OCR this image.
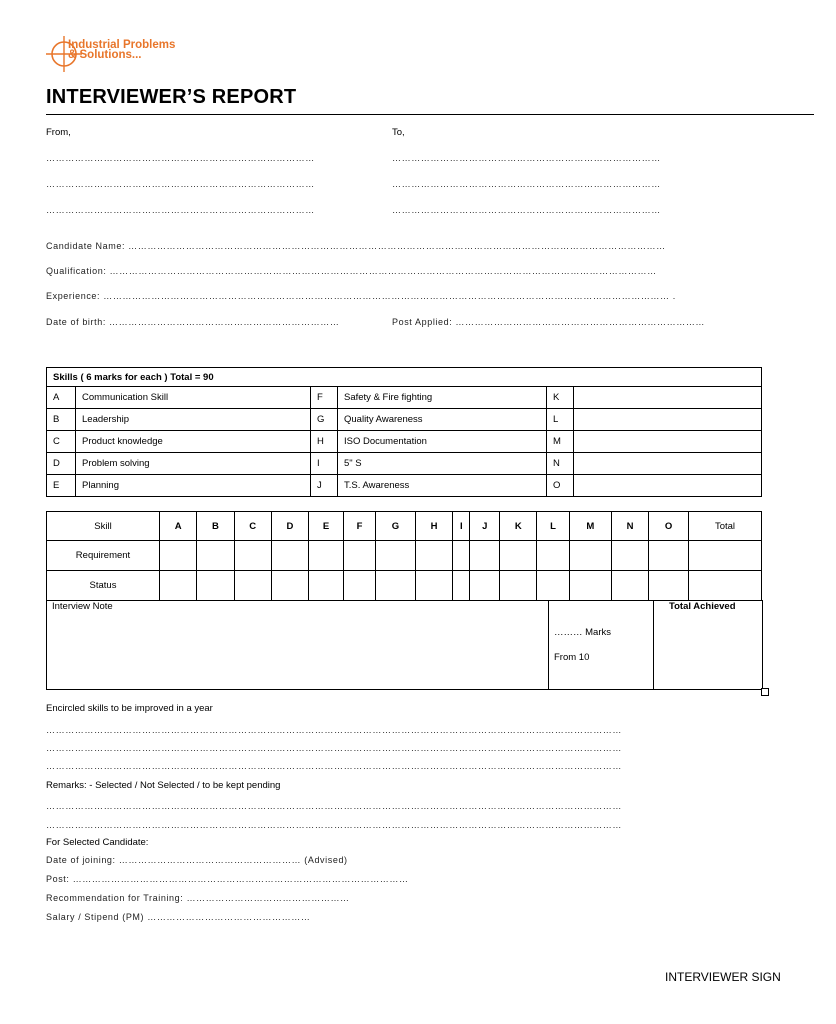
Industrial Problems
& Solutions...
INTERVIEWER’S REPORT
From,	To,
…………………………………………………………………………
…………………………………………………………………………
…………………………………………………………………………
…………………………………………………………………………
…………………………………………………………………………
…………………………………………………………………………
Candidate Name: ……………………………………………………………………………………………………………………………………………………
Qualification: ………………………………………………………………………………………………………………………………………………………
Experience: …………………………………………………………………………………………………………………………………………………………… .
Date of birth: ………………………………………………………………	Post Applied: ……………………………………………………………………
Skills ( 6 marks for each ) Total = 90					
A	Communication Skill	F	Safety & Fire fighting	K	
B	Leadership	G	Quality Awareness	L	
C	Product knowledge	H	ISO Documentation	M	
D	Problem solving	I	5" S	N	
E	Planning	J	T.S. Awareness	O	
Skill	A	B	C	D	E	F	G	H	I	J	K	L	M	N	O	Total
Requirement																
Status																
Interview Note
……… Marks
From 10
Total Achieved
Encircled skills to be improved in a year
………………………………………………………………………………………………………………………………………………………………
………………………………………………………………………………………………………………………………………………………………
………………………………………………………………………………………………………………………………………………………………
Remarks: - Selected / Not Selected / to be kept pending
………………………………………………………………………………………………………………………………………………………………
………………………………………………………………………………………………………………………………………………………………
For Selected Candidate:
Date of joining: ………………………………………………… (Advised)
Post: ……………………………………………………………………………………………
Recommendation for Training: ……………………………………………
Salary / Stipend (PM) ……………………………………………
INTERVIEWER SIGN
